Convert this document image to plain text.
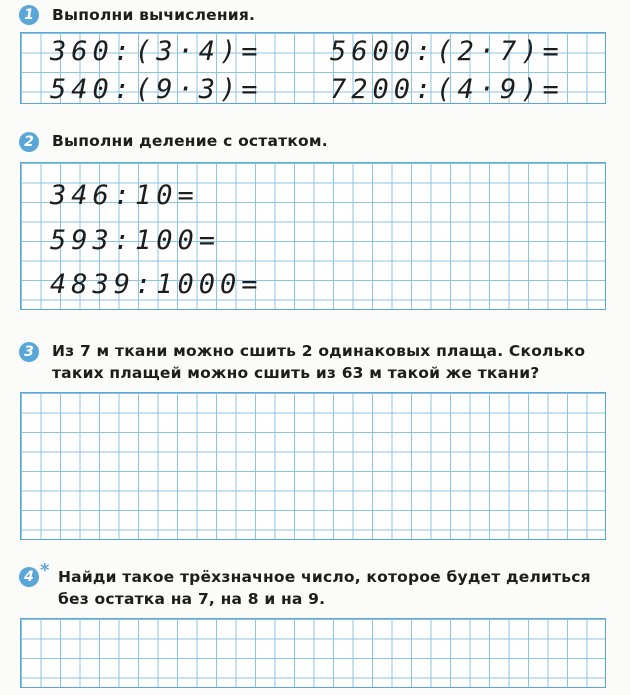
1	Выполни вычисления.
360:(3·4)= 5600:(2·7)=
540:(9·3)= 7200:(4·9)=
2	Выполни деление с остатком.
346:10=
593:100=
4839:1000=
3	Из 7 м ткани можно сшить 2 одинаковых плаща. Сколько
таких плащей можно сшить из 63 м такой же ткани?
4 * Найди такое трёхзначное число, которое будет делиться
без остатка на 7, на 8 и на 9.
